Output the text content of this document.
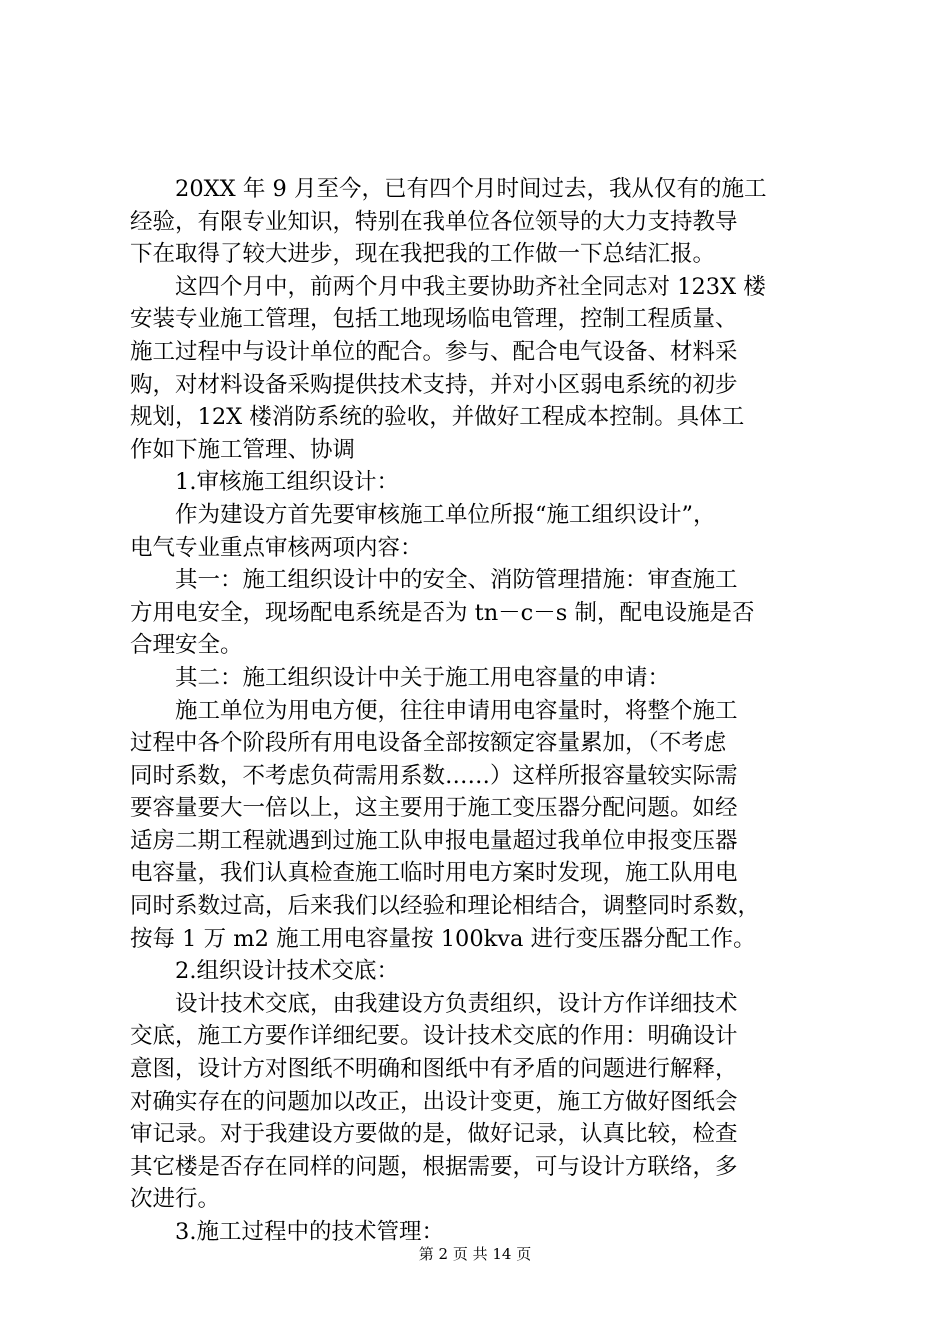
20XX 年 9 月至今，已有四个月时间过去，我从仅有的施工
经验，有限专业知识，特别在我单位各位领导的大力支持教导
下在取得了较大进步，现在我把我的工作做一下总结汇报。
这四个月中，前两个月中我主要协助齐社全同志对 123X 楼
安装专业施工管理，包括工地现场临电管理，控制工程质量、
施工过程中与设计单位的配合。参与、配合电气设备、材料采
购，对材料设备采购提供技术支持，并对小区弱电系统的初步
规划，12X 楼消防系统的验收，并做好工程成本控制。具体工
作如下施工管理、协调
1.审核施工组织设计：
作为建设方首先要审核施工单位所报“施工组织设计”，
电气专业重点审核两项内容：
其一：施工组织设计中的安全、消防管理措施：审查施工
方用电安全，现场配电系统是否为 tn－c－s 制，配电设施是否
合理安全。
其二：施工组织设计中关于施工用电容量的申请：
施工单位为用电方便，往往申请用电容量时，将整个施工
过程中各个阶段所有用电设备全部按额定容量累加，（不考虑
同时系数，不考虑负荷需用系数……）这样所报容量较实际需
要容量要大一倍以上，这主要用于施工变压器分配问题。如经
适房二期工程就遇到过施工队申报电量超过我单位申报变压器
电容量，我们认真检查施工临时用电方案时发现，施工队用电
同时系数过高，后来我们以经验和理论相结合，调整同时系数，
按每 1 万 m2 施工用电容量按 100kva 进行变压器分配工作。
2.组织设计技术交底：
设计技术交底，由我建设方负责组织，设计方作详细技术
交底，施工方要作详细纪要。设计技术交底的作用：明确设计
意图，设计方对图纸不明确和图纸中有矛盾的问题进行解释，
对确实存在的问题加以改正，出设计变更，施工方做好图纸会
审记录。对于我建设方要做的是，做好记录，认真比较，检查
其它楼是否存在同样的问题，根据需要，可与设计方联络，多
次进行。
3.施工过程中的技术管理：
第 2 页 共 14 页
